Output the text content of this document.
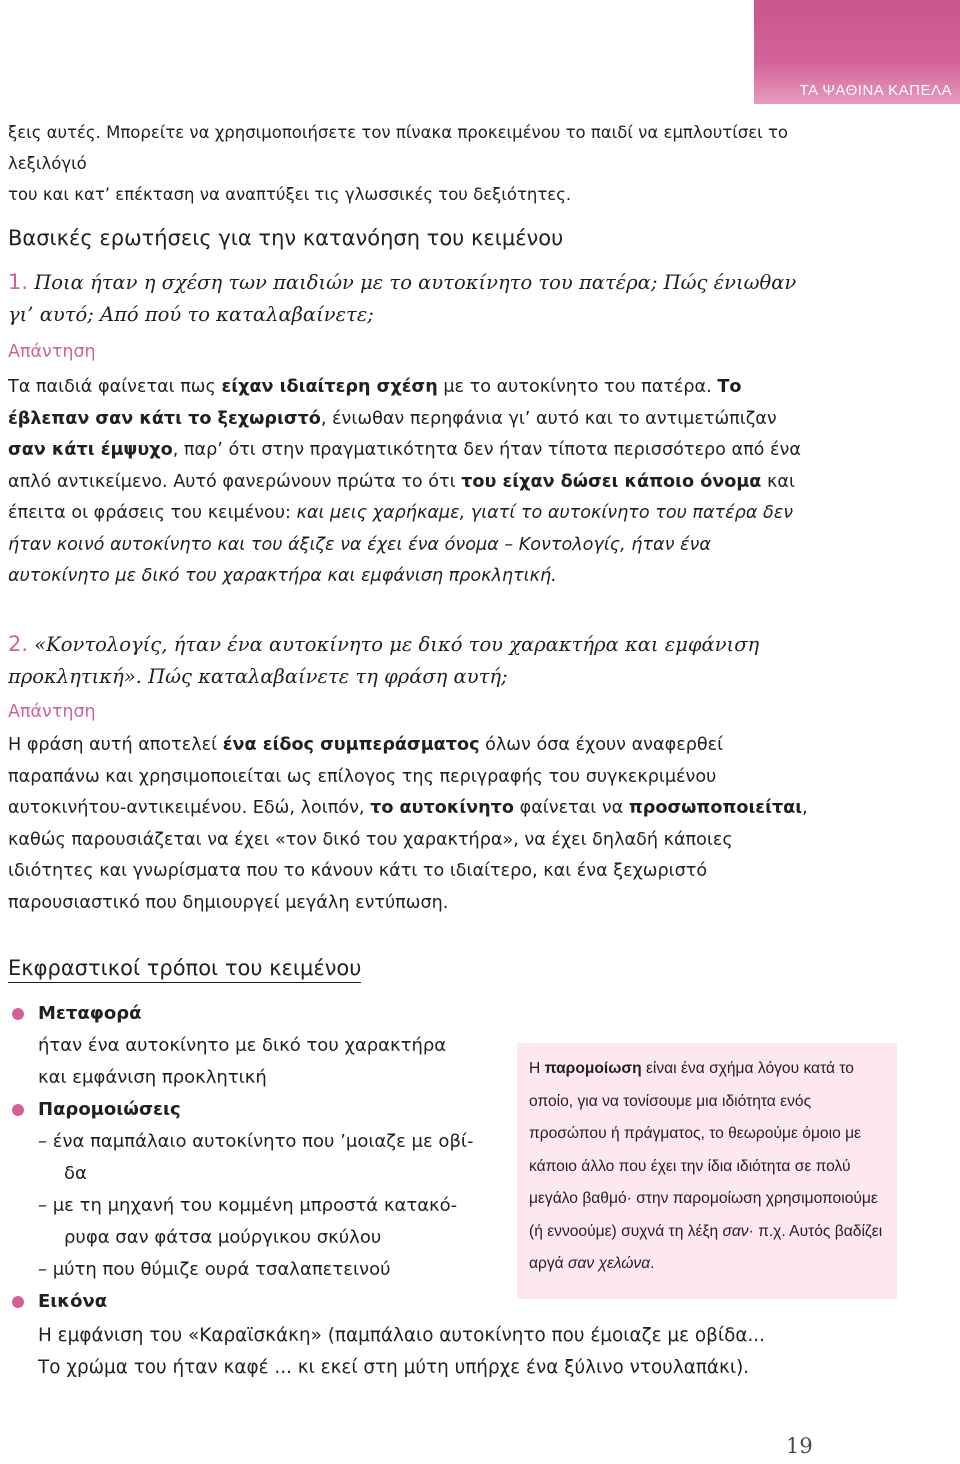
ΤΑ ΨΑΘΙΝΑ ΚΑΠΕΛΑ

ξεις αυτές. Μπορείτε να χρησιμοποιήσετε τον πίνακα προκειμένου το παιδί να εμπλουτίσει το λεξιλόγιό

του και κατ’ επέκταση να αναπτύξει τις γλωσσικές του δεξιότητες.

Βασικές ερωτήσεις για την κατανόηση του κειμένου
1. Ποια ήταν η σχέση των παιδιών με το αυτοκίνητο του πατέρα; Πώς ένιωθαν γι’ αυτό; Από πού το καταλαβαίνετε;
Απάντηση
Τα παιδιά φαίνεται πως είχαν ιδιαίτερη σχέση με το αυτοκίνητο του πατέρα. Το έβλεπαν σαν κάτι το ξεχωριστό, ένιωθαν περηφάνια γι’ αυτό και το αντιμετώπιζαν σαν κάτι έμψυχο, παρ’ ότι στην πραγματικότητα δεν ήταν τίποτα περισσότερο από ένα απλό αντικείμενο. Αυτό φανερώνουν πρώτα το ότι του είχαν δώσει κάποιο όνομα και έπειτα οι φράσεις του κειμένου: και μεις χαρήκαμε, γιατί το αυτοκίνητο του πατέρα δεν ήταν κοινό αυτοκίνητο και του άξιζε να έχει ένα όνομα – Κοντολογίς, ήταν ένα αυτοκίνητο με δικό του χαρακτήρα και εμφάνιση προκλητική.
2. «Κοντολογίς, ήταν ένα αυτοκίνητο με δικό του χαρακτήρα και εμφάνιση προκλητική». Πώς καταλαβαίνετε τη φράση αυτή;
Απάντηση
Η φράση αυτή αποτελεί ένα είδος συμπεράσματος όλων όσα έχουν αναφερθεί παραπάνω και χρησιμοποιείται ως επίλογος της περιγραφής του συγκεκριμένου αυτοκινήτου-αντικειμένου. Εδώ, λοιπόν, το αυτοκίνητο φαίνεται να προσωποποιείται, καθώς παρουσιάζεται να έχει «τον δικό του χαρακτήρα», να έχει δηλαδή κάποιες ιδιότητες και γνωρίσματα που το κάνουν κάτι το ιδιαίτερο, και ένα ξεχωριστό παρουσιαστικό που δημιουργεί μεγάλη εντύπωση.
Εκφραστικοί τρόποι του κειμένου
Μεταφορά
ήταν ένα αυτοκίνητο με δικό του χαρακτήρα
και εμφάνιση προκλητική
Παρομοιώσεις
– ένα παμπάλαιο αυτοκίνητο που ’μοιαζε με οβί-
δα
– με τη μηχανή του κομμένη μπροστά κατακό-
ρυφα σαν φάτσα μούργικου σκύλου
– μύτη που θύμιζε ουρά τσαλαπετεινού
Εικόνα
Η παρομοίωση είναι ένα σχήμα λόγου κατά το οποίο, για να τονίσουμε μια ιδιότητα ενός προσώπου ή πράγματος, το θεωρούμε όμοιο με κάποιο άλλο που έχει την ίδια ιδιότητα σε πολύ μεγάλο βαθμό· στην παρομοίωση χρησιμοποιούμε (ή εννοούμε) συχνά τη λέξη σαν· π.χ. Αυτός βαδίζει αργά σαν χελώνα.
Η εμφάνιση του «Καραϊσκάκη» (παμπάλαιο αυτοκίνητο που έμοιαζε με οβίδα...
Το χρώμα του ήταν καφέ ... κι εκεί στη μύτη υπήρχε ένα ξύλινο ντουλαπάκι).
19
